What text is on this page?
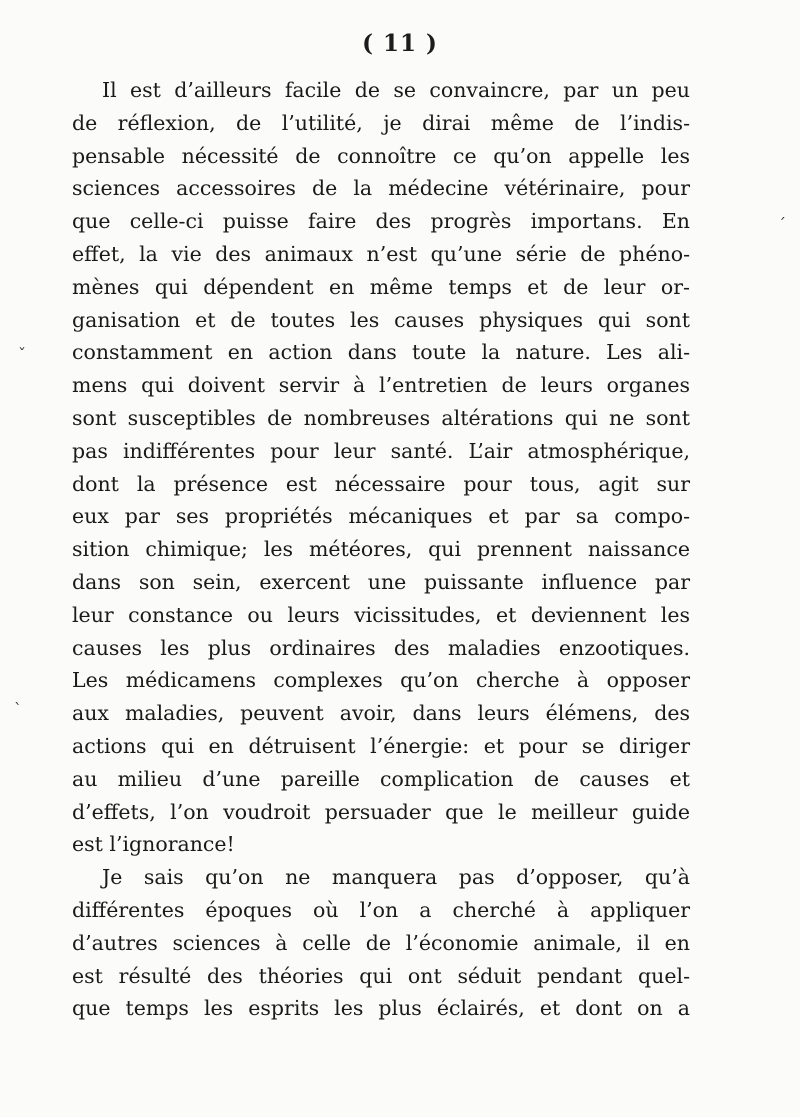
( 11 )
Il est d’ailleurs facile de se convaincre, par un peu
de réflexion, de l’utilité, je dirai même de l’indis-
pensable nécessité de connoître ce qu’on appelle les
sciences accessoires de la médecine vétérinaire, pour
que celle-ci puisse faire des progrès importans. En
effet, la vie des animaux n’est qu’une série de phéno-
mènes qui dépendent en même temps et de leur or-
ganisation et de toutes les causes physiques qui sont
constamment en action dans toute la nature. Les ali-
mens qui doivent servir à l’entretien de leurs organes
sont susceptibles de nombreuses altérations qui ne sont
pas indifférentes pour leur santé. L’air atmosphérique,
dont la présence est nécessaire pour tous, agit sur
eux par ses propriétés mécaniques et par sa compo-
sition chimique; les météores, qui prennent naissance
dans son sein, exercent une puissante influence par
leur constance ou leurs vicissitudes, et deviennent les
causes les plus ordinaires des maladies enzootiques.
Les médicamens complexes qu’on cherche à opposer
aux maladies, peuvent avoir, dans leurs élémens, des
actions qui en détruisent l’énergie: et pour se diriger
au milieu d’une pareille complication de causes et
d’effets, l’on voudroit persuader que le meilleur guide
est l’ignorance!
Je sais qu’on ne manquera pas d’opposer, qu’à
différentes époques où l’on a cherché à appliquer
d’autres sciences à celle de l’économie animale, il en
est résulté des théories qui ont séduit pendant quel-
que temps les esprits les plus éclairés, et dont on a
ˇ
ˋ
ˊ
